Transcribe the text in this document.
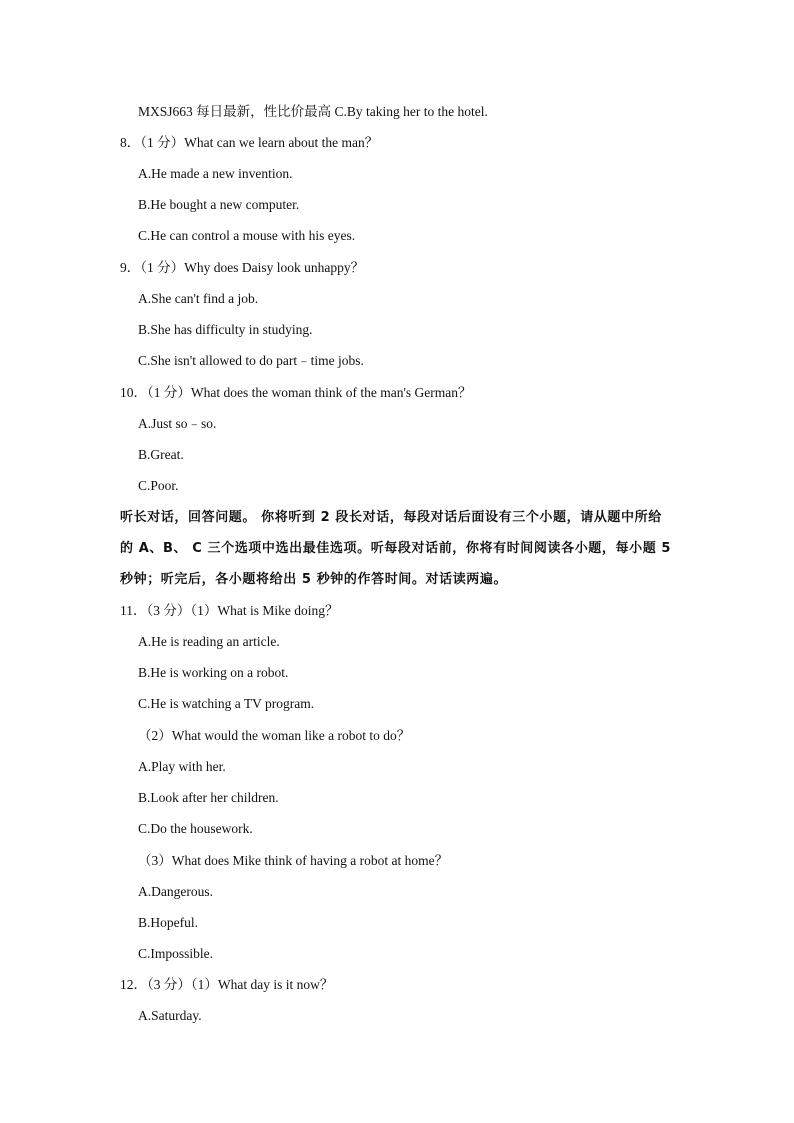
MXSJ663 每日最新，性比价最高 C.By taking her to the hotel.
8．（1 分）What can we learn about the man？
A.He made a new invention.
B.He bought a new computer.
C.He can control a mouse with his eyes.
9．（1 分）Why does Daisy look unhappy？
A.She can't find a job.
B.She has difficulty in studying.
C.She isn't allowed to do part﹣time jobs.
10．（1 分）What does the woman think of the man's German？
A.Just so﹣so.
B.Great.
C.Poor.
听长对话，回答问题。 你将听到 2 段长对话，每段对话后面设有三个小题，请从题中所给
的 A、B、 C 三个选项中选出最佳选项。听每段对话前，你将有时间阅读各小题，每小题 5
秒钟；听完后，各小题将给出 5 秒钟的作答时间。对话读两遍。
11．（3 分）（1）What is Mike doing？
A.He is reading an article.
B.He is working on a robot.
C.He is watching a TV program.
（2）What would the woman like a robot to do？
A.Play with her.
B.Look after her children.
C.Do the housework.
（3）What does Mike think of having a robot at home？
A.Dangerous.
B.Hopeful.
C.Impossible.
12．（3 分）（1）What day is it now？
A.Saturday.
